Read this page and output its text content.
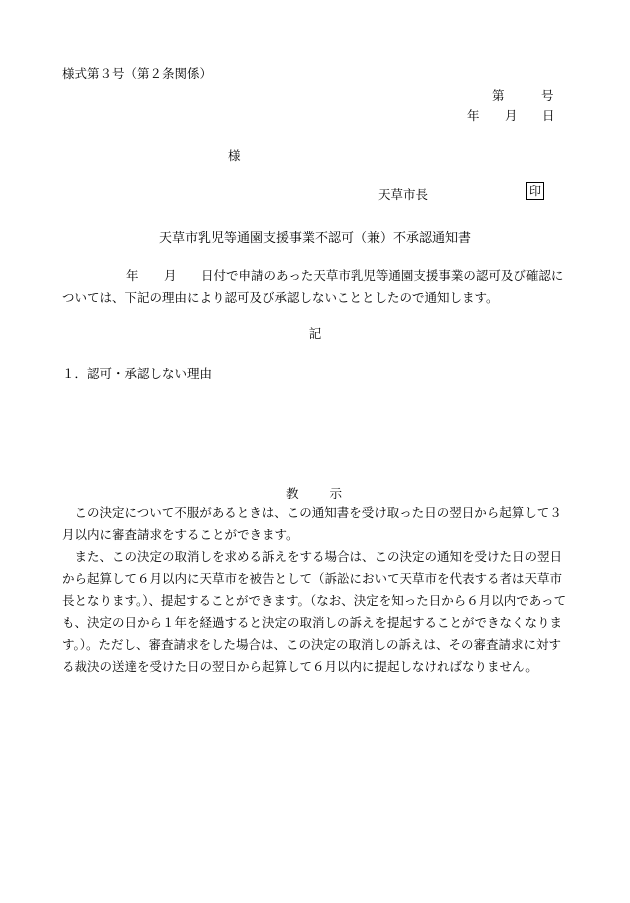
様式第３号（第２条関係）
第	号
年 月 日
様
天草市長	印
天草市乳児等通園支援事業不認可（兼）不承認通知書
年 月 日付で申請のあった天草市乳児等通園支援事業の認可及び確認に
ついては、下記の理由により認可及び承認しないこととしたので通知します。
記
１．認可・承認しない理由
教　　示
　この決定について不服があるときは、この通知書を受け取った日の翌日から起算して３
月以内に審査請求をすることができます。
　また、この決定の取消しを求める訴えをする場合は、この決定の通知を受けた日の翌日
から起算して６月以内に天草市を被告として（訴訟において天草市を代表する者は天草市
長となります。）、提起することができます。（なお、決定を知った日から６月以内であって
も、決定の日から１年を経過すると決定の取消しの訴えを提起することができなくなりま
す。）。ただし、審査請求をした場合は、この決定の取消しの訴えは、その審査請求に対す
る裁決の送達を受けた日の翌日から起算して６月以内に提起しなければなりません。
